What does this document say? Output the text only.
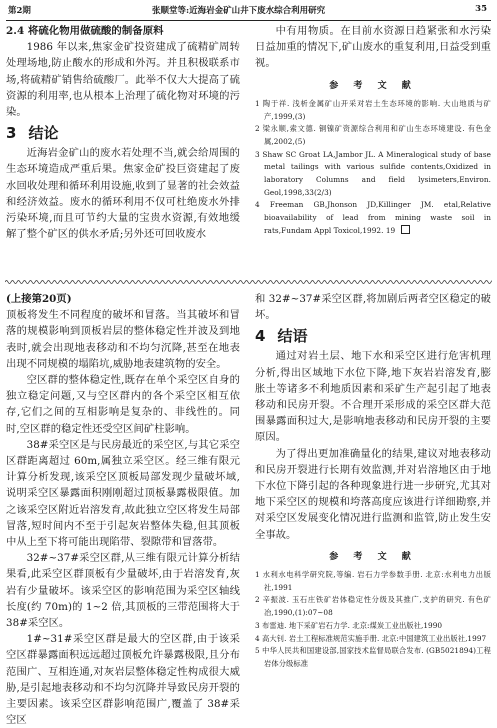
第2期	张顺堂等:近海岩金矿山井下废水综合利用研究	35

2.4 将硫化物用做硫酸的制备原料

1986 年以来,焦家金矿投资建成了硫精矿周转处理场地,防止酸水的形成和外泻。并且积极联系市场,将硫精矿销售给硫酸厂。此举不仅大大提高了硫资源的利用率,也从根本上治理了硫化物对环境的污染。

3 结论

近海岩金矿山的废水若处理不当,就会给周围的生态环境造成严重后果。焦家金矿投巨资建起了废水回收处理和循环利用设施,收到了显著的社会效益和经济效益。废水的循环利用不仅可杜绝废水外排污染环境,而且可节约大量的宝贵水资源,有效地缓解了整个矿区的供水矛盾;另外还可回收废水

中有用物质。在目前水资源日趋紧张和水污染日益加重的情况下,矿山废水的重复利用,日益受到重视。

参 考 文 献

1 陶于祥. 浅析金属矿山开采对岩土生态环境的影响. 大山地质与矿产,1999,(3)

2 梁永顺,索文德. 铜镍矿资源综合利用和矿山生态环境建设. 有色金属,2002,(5)

3 Shaw SC Groat LA,Jambor JL. A Mineralogical study of base metal tailings with various sulfide contents,Oxidized in laboratory Columns and field lysimeters,Environ. Geol,1998,33(2/3)

4 Freeman GB,Jhonson JD,Killinger JM. etal,Relative bioavailability of lead from mining waste soil in rats,Fundam Appl Toxicol,1992. 19

(上接第20页)

顶板将发生不同程度的破坏和冒落。当其破坏和冒落的规模影响到顶板岩层的整体稳定性并波及到地表时,就会出现地表移动和不均匀沉降,甚至在地表出现不同规模的塌陷坑,威胁地表建筑物的安全。

空区群的整体稳定性,既存在单个采空区自身的独立稳定问题,又与空区群内的各个采空区相互依存,它们之间的互相影响是复杂的、非线性的。同时,空区群的稳定性还受空区间矿柱影响。

38#采空区是与民房最近的采空区,与其它采空区群距离超过 60m,属独立采空区。经三维有限元计算分析发现,该采空区顶板局部发现少量破坏域,说明采空区暴露面积刚刚超过顶板暴露极限值。加之该采空区附近岩溶发育,故此独立空区将发生局部冒落,短时间内不至于引起灰岩整体失稳,但其顶板中从上至下将可能出现陷带、裂隙带和冒落带。

32#~37#采空区群,从三维有限元计算分析结果看,此采空区群顶板有少量破坏,由于岩溶发育,灰岩有少量破坏。该采空区的影响范围为采空区轴线长度(约 70m)的 1~2 倍,其顶板的三带范围将大于 38#采空区。

1#~31#采空区群是最大的空区群,由于该采空区群暴露面积远远超过顶板允许暴露极限,且分布范围广、互相连通,对灰岩层整体稳定性构成很大威胁,是引起地表移动和不均匀沉降并导致民房开裂的主要因素。该采空区群影响范围广,覆盖了 38#采空区

和 32#~37#采空区群,将加剧后两者空区稳定的破坏。

4 结语

通过对岩土层、地下水和采空区进行危害机理分析,得出区域地下水位下降,地下灰岩岩溶发育,膨胀土等诸多不利地质因素和采矿生产起引起了地表移动和民房开裂。不合理开采形成的采空区群大范围暴露面积过大,是影响地表移动和民房开裂的主要原因。

为了得出更加准确量化的结果,建议对地表移动和民房开裂进行长期有效监测,并对岩溶地区由于地下水位下降引起的各种现象进行进一步研究,尤其对地下采空区的规模和垮落高度应该进行详细勘察,并对采空区发展变化情况进行监测和监管,防止发生安全事故。

参 考 文 献

1 水利水电科学研究院,等编. 岩石力学参数手册. 北京:水利电力出版社,1991

2 辛振波. 玉石庄铁矿岩体稳定性分级及其推广,支护的研究. 有色矿冶,1990,(1):07~08

3 布雷迪. 地下采矿岩石力学. 北京:煤炭工业出版社,1990

4 高大钊. 岩土工程标准规范实施手册. 北京:中国建筑工业出版社,1997

5 中华人民共和国建设部,国家技术监督局联合发布. (GB5021894)工程岩体分级标准
